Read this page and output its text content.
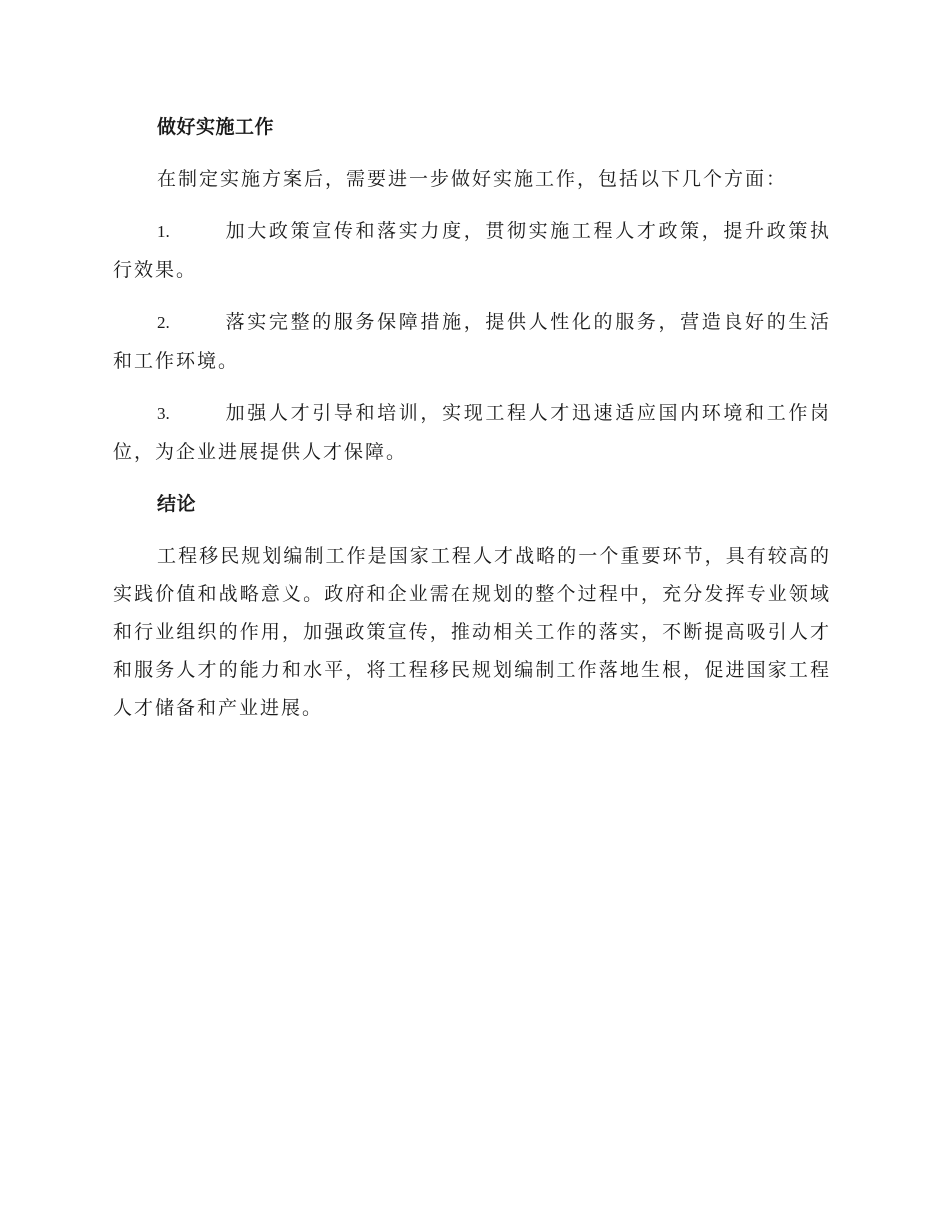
做好实施工作

在制定实施方案后，需要进一步做好实施工作，包括以下几个方面：

1.	加大政策宣传和落实力度，贯彻实施工程人才政策，提升政策执行效果。

2.	落实完整的服务保障措施，提供人性化的服务，营造良好的生活和工作环境。

3.	加强人才引导和培训，实现工程人才迅速适应国内环境和工作岗位，为企业进展提供人才保障。

结论

工程移民规划编制工作是国家工程人才战略的一个重要环节，具有较高的实践价值和战略意义。政府和企业需在规划的整个过程中，充分发挥专业领域和行业组织的作用，加强政策宣传，推动相关工作的落实，不断提高吸引人才和服务人才的能力和水平，将工程移民规划编制工作落地生根，促进国家工程人才储备和产业进展。
